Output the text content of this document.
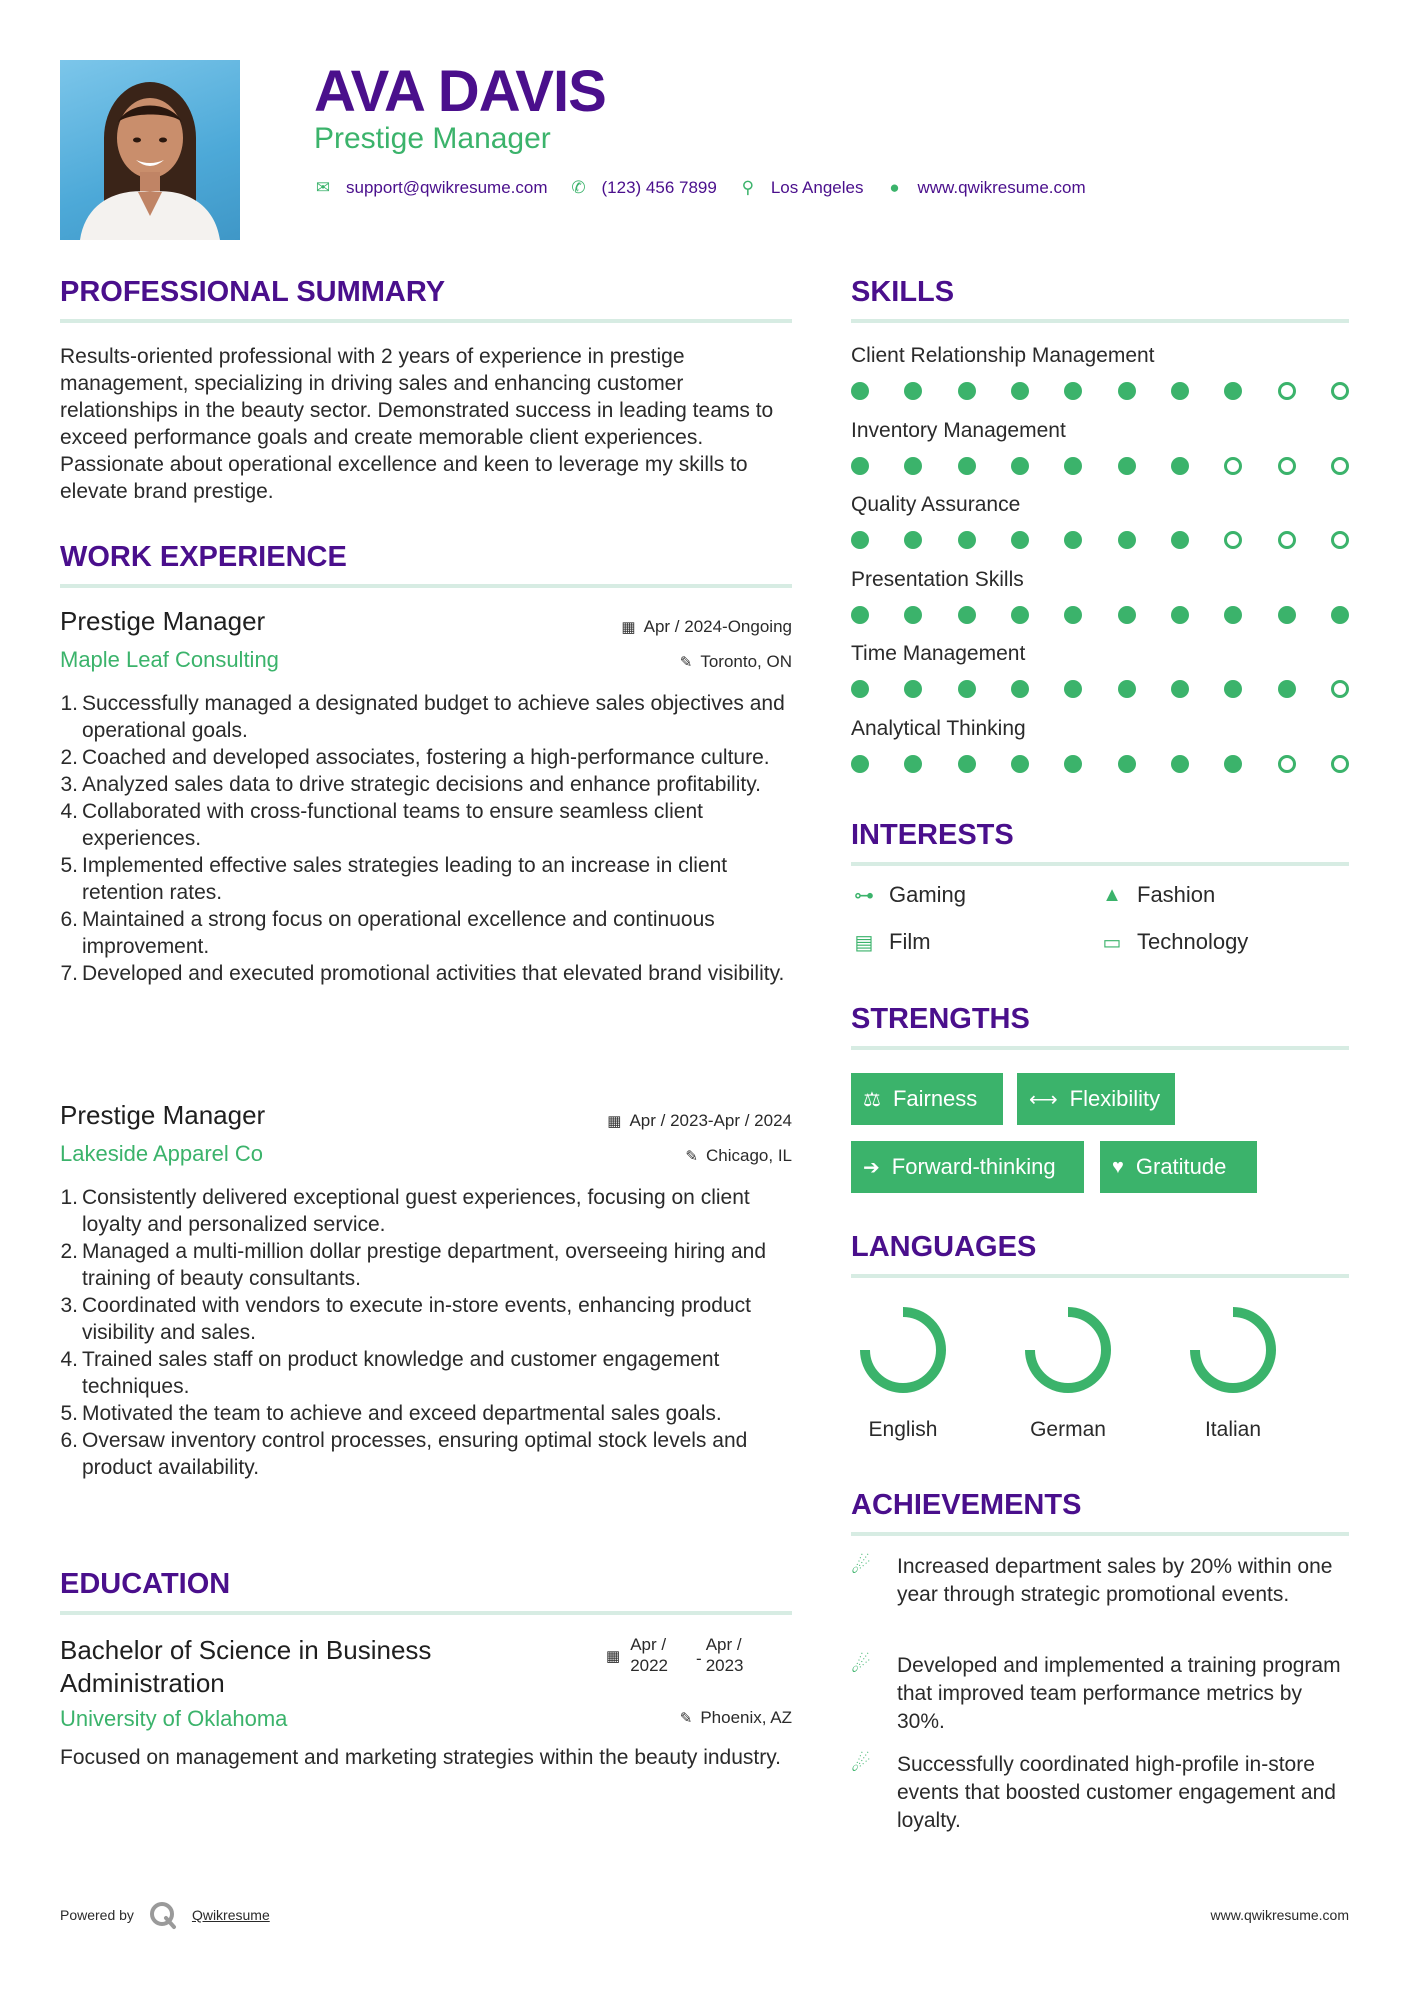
AVA DAVIS
Prestige Manager
✉ support@qwikresume.com ✆ (123) 456 7899 ⚲ Los Angeles ● www.qwikresume.com
PROFESSIONAL SUMMARY
Results-oriented professional with 2 years of experience in prestige management, specializing in driving sales and enhancing customer relationships in the beauty sector. Demonstrated success in leading teams to exceed performance goals and create memorable client experiences. Passionate about operational excellence and keen to leverage my skills to elevate brand prestige.
WORK EXPERIENCE
Prestige Manager
Maple Leaf Consulting
▦ Apr / 2024-Ongoing
✎ Toronto, ON
1. Successfully managed a designated budget to achieve sales objectives and operational goals.
2. Coached and developed associates, fostering a high-performance culture.
3. Analyzed sales data to drive strategic decisions and enhance profitability.
4. Collaborated with cross-functional teams to ensure seamless client experiences.
5. Implemented effective sales strategies leading to an increase in client retention rates.
6. Maintained a strong focus on operational excellence and continuous improvement.
7. Developed and executed promotional activities that elevated brand visibility.
Prestige Manager
Lakeside Apparel Co
▦ Apr / 2023-Apr / 2024
✎ Chicago, IL
1. Consistently delivered exceptional guest experiences, focusing on client loyalty and personalized service.
2. Managed a multi-million dollar prestige department, overseeing hiring and training of beauty consultants.
3. Coordinated with vendors to execute in-store events, enhancing product visibility and sales.
4. Trained sales staff on product knowledge and customer engagement techniques.
5. Motivated the team to achieve and exceed departmental sales goals.
6. Oversaw inventory control processes, ensuring optimal stock levels and product availability.
EDUCATION
Bachelor of Science in Business
Administration
▦
Apr /
2022 -
Apr /
2023
University of Oklahoma	✎ Phoenix, AZ
Focused on management and marketing strategies within the beauty industry.
SKILLS
Client Relationship Management
Inventory Management
Quality Assurance
Presentation Skills
Time Management
Analytical Thinking
INTERESTS
⊶ Gaming	▲ Fashion
▤ Film	▭ Technology
STRENGTHS
⚖ Fairness	⟷ Flexibility
➔ Forward-thinking	♥ Gratitude
LANGUAGES
English	German	Italian
ACHIEVEMENTS
☄	Increased department sales by 20% within one year through strategic promotional events.
☄	Developed and implemented a training program that improved team performance metrics by 30%.
☄	Successfully coordinated high-profile in-store events that boosted customer engagement and loyalty.
Powered by	Qwikresume	www.qwikresume.com
